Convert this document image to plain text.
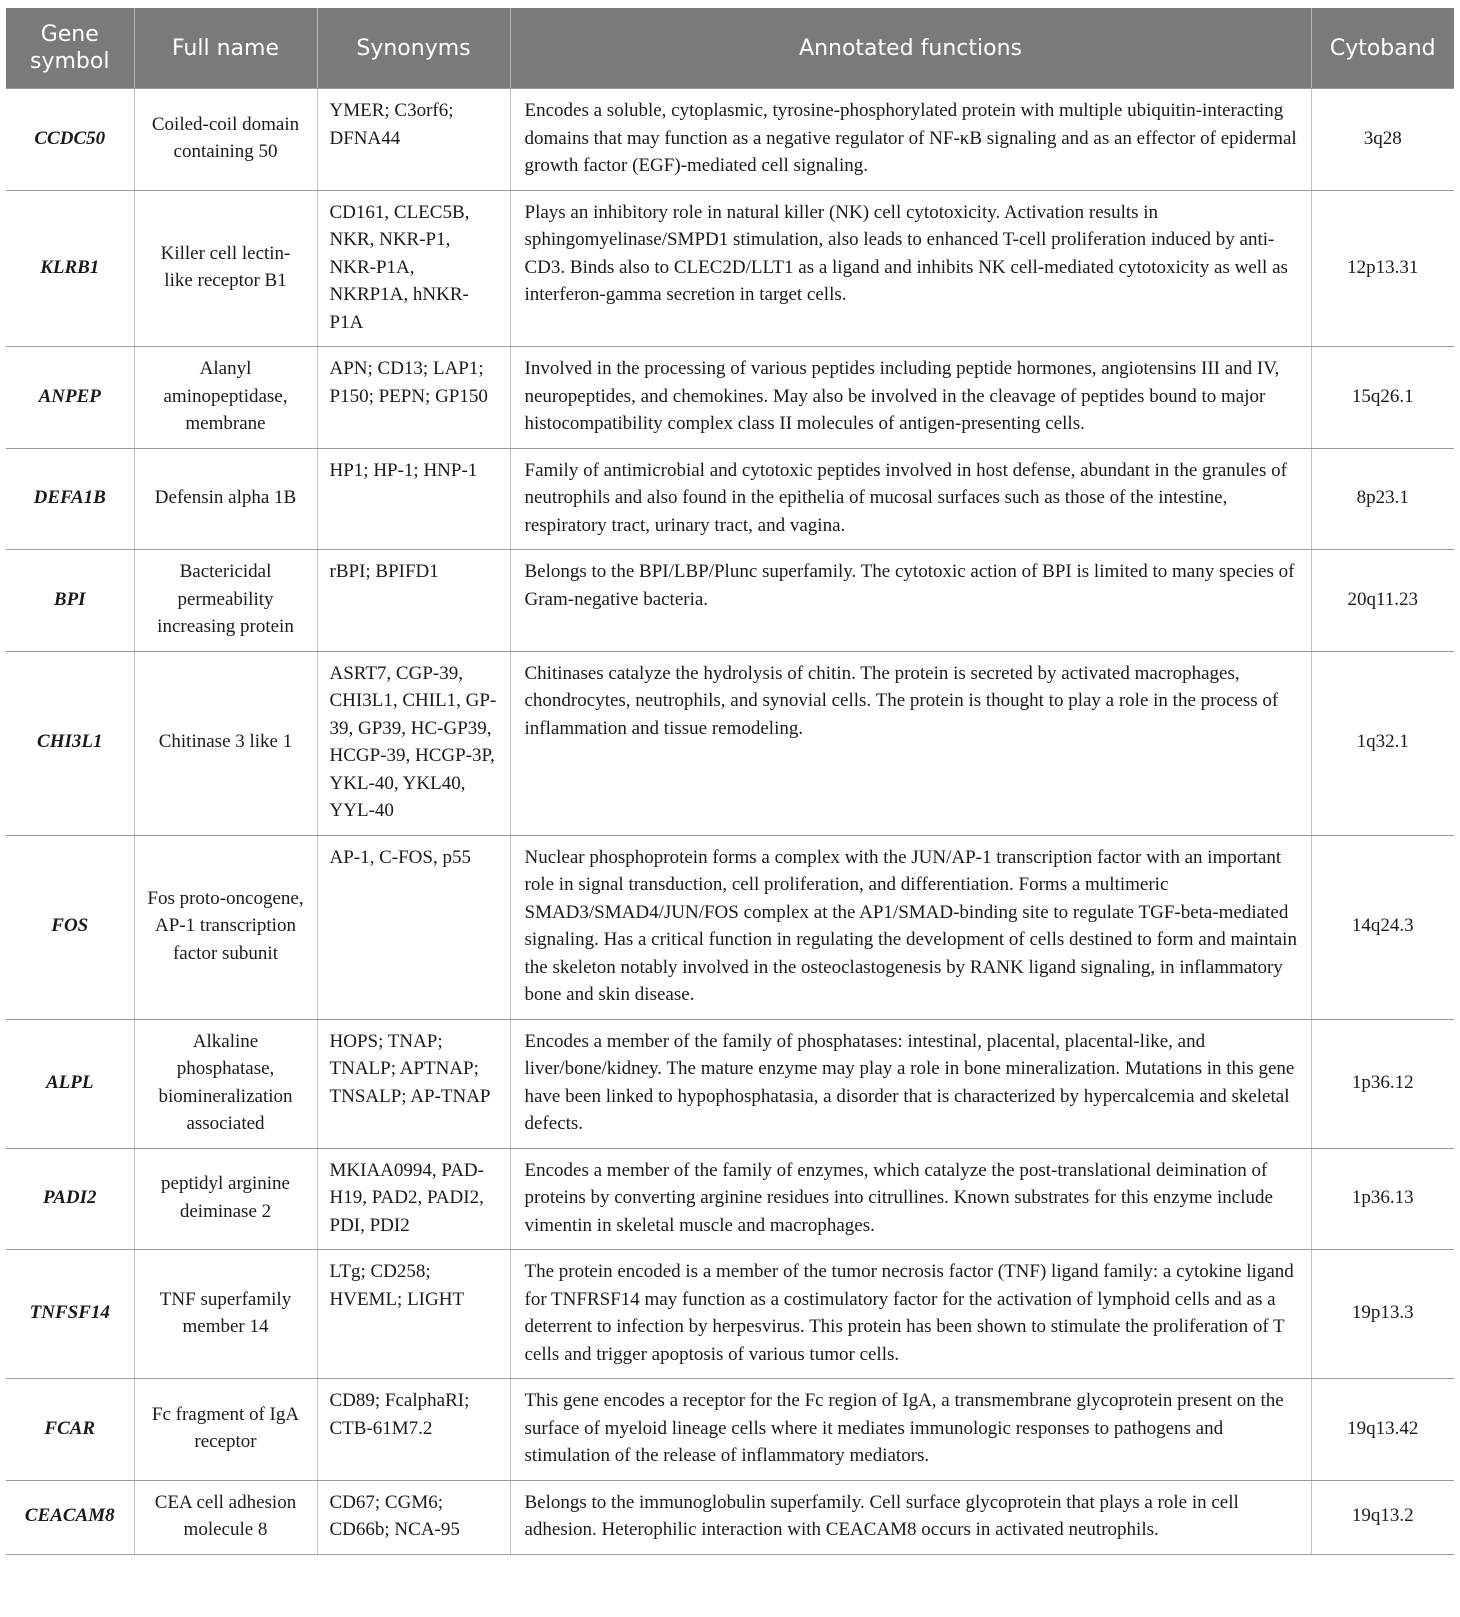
Gene symbol	Full name	Synonyms	Annotated functions	Cytoband
CCDC50	Coiled-coil domain containing 50	YMER; C3orf6; DFNA44	Encodes a soluble, cytoplasmic, tyrosine-phosphorylated protein with multiple ubiquitin-interacting domains that may function as a negative regulator of NF-κB signaling and as an effector of epidermal growth factor (EGF)-mediated cell signaling.	3q28
KLRB1	Killer cell lectin-like receptor B1	CD161, CLEC5B, NKR, NKR-P1, NKR-P1A, NKRP1A, hNKR-P1A	Plays an inhibitory role in natural killer (NK) cell cytotoxicity. Activation results in sphingomyelinase/SMPD1 stimulation, also leads to enhanced T-cell proliferation induced by anti-CD3. Binds also to CLEC2D/LLT1 as a ligand and inhibits NK cell-mediated cytotoxicity as well as interferon-gamma secretion in target cells.	12p13.31
ANPEP	Alanyl aminopeptidase, membrane	APN; CD13; LAP1; P150; PEPN; GP150	Involved in the processing of various peptides including peptide hormones, angiotensins III and IV, neuropeptides, and chemokines. May also be involved in the cleavage of peptides bound to major histocompatibility complex class II molecules of antigen-presenting cells.	15q26.1
DEFA1B	Defensin alpha 1B	HP1; HP-1; HNP-1	Family of antimicrobial and cytotoxic peptides involved in host defense, abundant in the granules of neutrophils and also found in the epithelia of mucosal surfaces such as those of the intestine, respiratory tract, urinary tract, and vagina.	8p23.1
BPI	Bactericidal permeability increasing protein	rBPI; BPIFD1	Belongs to the BPI/LBP/Plunc superfamily. The cytotoxic action of BPI is limited to many species of Gram-negative bacteria.	20q11.23
CHI3L1	Chitinase 3 like 1	ASRT7, CGP-39, CHI3L1, CHIL1, GP-39, GP39, HC-GP39, HCGP-39, HCGP-3P, YKL-40, YKL40, YYL-40	Chitinases catalyze the hydrolysis of chitin. The protein is secreted by activated macrophages, chondrocytes, neutrophils, and synovial cells. The protein is thought to play a role in the process of inflammation and tissue remodeling.	1q32.1
FOS	Fos proto-oncogene, AP-1 transcription factor subunit	AP-1, C-FOS, p55	Nuclear phosphoprotein forms a complex with the JUN/AP-1 transcription factor with an important role in signal transduction, cell proliferation, and differentiation. Forms a multimeric SMAD3/SMAD4/JUN/FOS complex at the AP1/SMAD-binding site to regulate TGF-beta-mediated signaling. Has a critical function in regulating the development of cells destined to form and maintain the skeleton notably involved in the osteoclastogenesis by RANK ligand signaling, in inflammatory bone and skin disease.	14q24.3
ALPL	Alkaline phosphatase, biomineralization associated	HOPS; TNAP; TNALP; APTNAP; TNSALP; AP-TNAP	Encodes a member of the family of phosphatases: intestinal, placental, placental-like, and liver/bone/kidney. The mature enzyme may play a role in bone mineralization. Mutations in this gene have been linked to hypophosphatasia, a disorder that is characterized by hypercalcemia and skeletal defects.	1p36.12
PADI2	peptidyl arginine deiminase 2	MKIAA0994, PAD-H19, PAD2, PADI2, PDI, PDI2	Encodes a member of the family of enzymes, which catalyze the post-translational deimination of proteins by converting arginine residues into citrullines. Known substrates for this enzyme include vimentin in skeletal muscle and macrophages.	1p36.13
TNFSF14	TNF superfamily member 14	LTg; CD258; HVEML; LIGHT	The protein encoded is a member of the tumor necrosis factor (TNF) ligand family: a cytokine ligand for TNFRSF14 may function as a costimulatory factor for the activation of lymphoid cells and as a deterrent to infection by herpesvirus. This protein has been shown to stimulate the proliferation of T cells and trigger apoptosis of various tumor cells.	19p13.3
FCAR	Fc fragment of IgA receptor	CD89; FcalphaRI; CTB-61M7.2	This gene encodes a receptor for the Fc region of IgA, a transmembrane glycoprotein present on the surface of myeloid lineage cells where it mediates immunologic responses to pathogens and stimulation of the release of inflammatory mediators.	19q13.42
CEACAM8	CEA cell adhesion molecule 8	CD67; CGM6; CD66b; NCA-95	Belongs to the immunoglobulin superfamily. Cell surface glycoprotein that plays a role in cell adhesion. Heterophilic interaction with CEACAM8 occurs in activated neutrophils.	19q13.2
